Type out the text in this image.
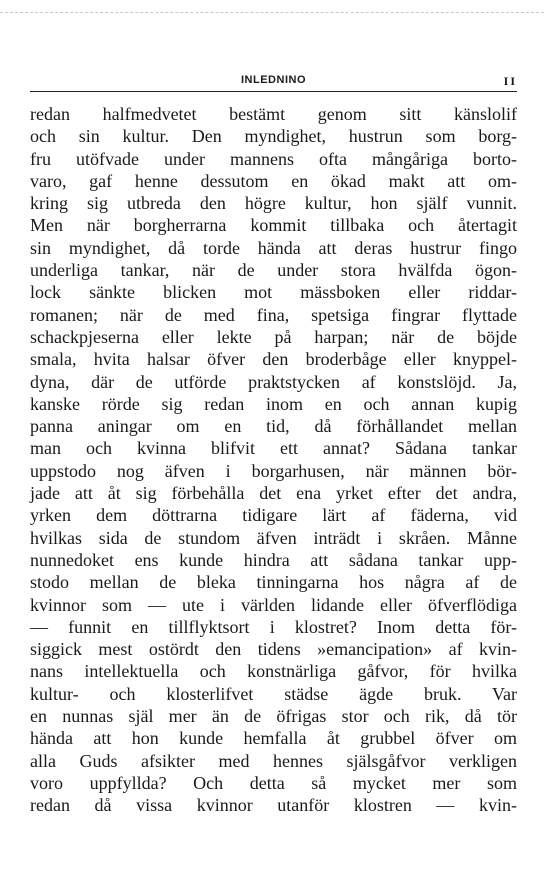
INLEDNINO	II
redan halfmedvetet bestämt genom sitt känslolif
och sin kultur. Den myndighet, hustrun som borg-
fru utöfvade under mannens ofta mångåriga borto-
varo, gaf henne dessutom en ökad makt att om-
kring sig utbreda den högre kultur, hon själf vunnit.
Men när borgherrarna kommit tillbaka och återtagit
sin myndighet, då torde hända att deras hustrur fingo
underliga tankar, när de under stora hvälfda ögon-
lock sänkte blicken mot mässboken eller riddar-
romanen; när de med fina, spetsiga fingrar flyttade
schackpjeserna eller lekte på harpan; när de böjde
smala, hvita halsar öfver den broderbåge eller knyppel-
dyna, där de utförde praktstycken af konstslöjd. Ja,
kanske rörde sig redan inom en och annan kupig
panna aningar om en tid, då förhållandet mellan
man och kvinna blifvit ett annat? Sådana tankar
uppstodo nog äfven i borgarhusen, när männen bör-
jade att åt sig förbehålla det ena yrket efter det andra,
yrken dem döttrarna tidigare lärt af fäderna, vid
hvilkas sida de stundom äfven inträdt i skråen. Månne
nunnedoket ens kunde hindra att sådana tankar upp-
stodo mellan de bleka tinningarna hos några af de
kvinnor som — ute i världen lidande eller öfverflödiga
— funnit en tillflyktsort i klostret? Inom detta för-
siggick mest ostördt den tidens »emancipation» af kvin-
nans intellektuella och konstnärliga gåfvor, för hvilka
kultur- och klosterlifvet städse ägde bruk. Var
en nunnas själ mer än de öfrigas stor och rik, då tör
hända att hon kunde hemfalla åt grubbel öfver om
alla Guds afsikter med hennes själsgåfvor verkligen
voro uppfyllda? Och detta så mycket mer som
redan då vissa kvinnor utanför klostren — kvin-
